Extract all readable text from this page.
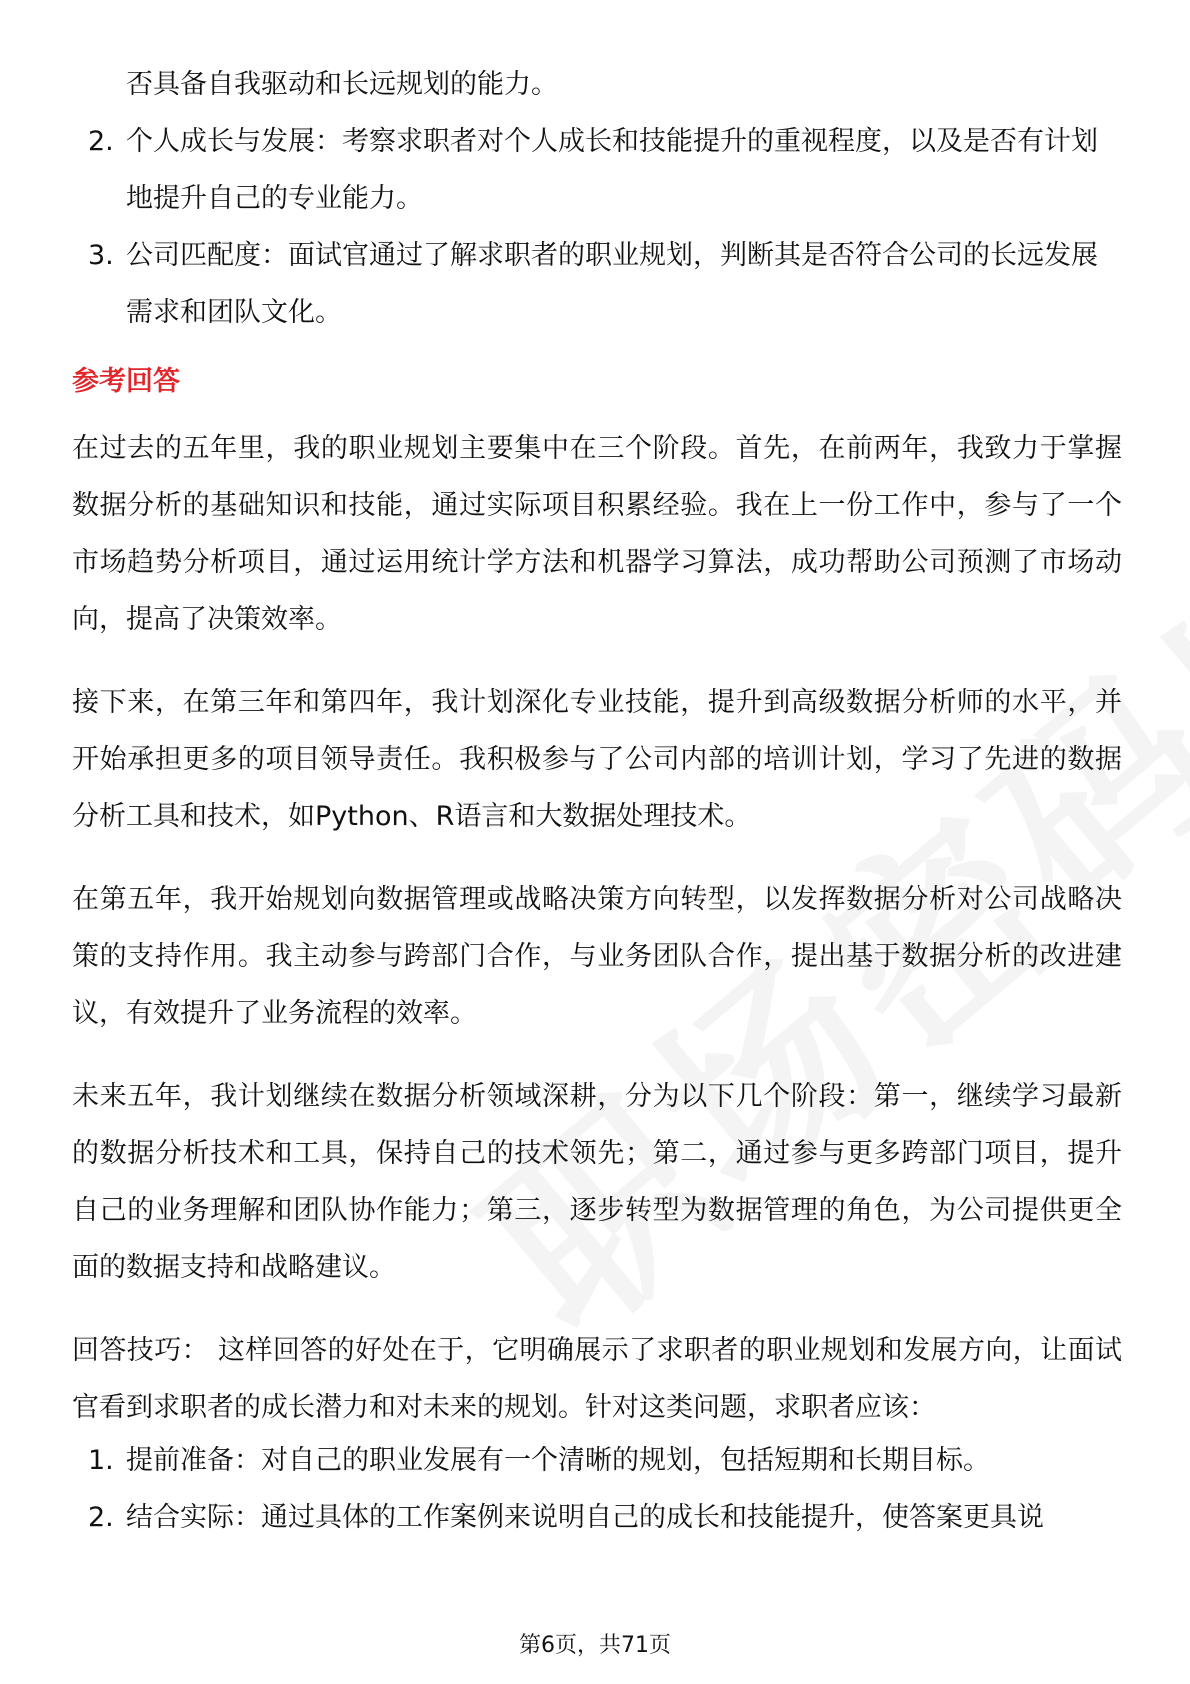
否具备自我驱动和长远规划的能力。
2. 个人成长与发展：考察求职者对个人成长和技能提升的重视程度，以及是否有计划地提升自己的专业能力。
3. 公司匹配度：面试官通过了解求职者的职业规划，判断其是否符合公司的长远发展需求和团队文化。
参考回答

在过去的五年里，我的职业规划主要集中在三个阶段。首先，在前两年，我致力于掌握数据分析的基础知识和技能，通过实际项目积累经验。我在上一份工作中，参与了一个市场趋势分析项目，通过运用统计学方法和机器学习算法，成功帮助公司预测了市场动向，提高了决策效率。

接下来，在第三年和第四年，我计划深化专业技能，提升到高级数据分析师的水平，并开始承担更多的项目领导责任。我积极参与了公司内部的培训计划，学习了先进的数据分析工具和技术，如Python、R语言和大数据处理技术。

在第五年，我开始规划向数据管理或战略决策方向转型，以发挥数据分析对公司战略决策的支持作用。我主动参与跨部门合作，与业务团队合作，提出基于数据分析的改进建议，有效提升了业务流程的效率。

未来五年，我计划继续在数据分析领域深耕，分为以下几个阶段：第一，继续学习最新的数据分析技术和工具，保持自己的技术领先；第二，通过参与更多跨部门项目，提升自己的业务理解和团队协作能力；第三，逐步转型为数据管理的角色，为公司提供更全面的数据支持和战略建议。

回答技巧： 这样回答的好处在于，它明确展示了求职者的职业规划和发展方向，让面试官看到求职者的成长潜力和对未来的规划。针对这类问题，求职者应该：

1. 提前准备：对自己的职业发展有一个清晰的规划，包括短期和长期目标。
2. 结合实际：通过具体的工作案例来说明自己的成长和技能提升，使答案更具说
第6页，共71页
